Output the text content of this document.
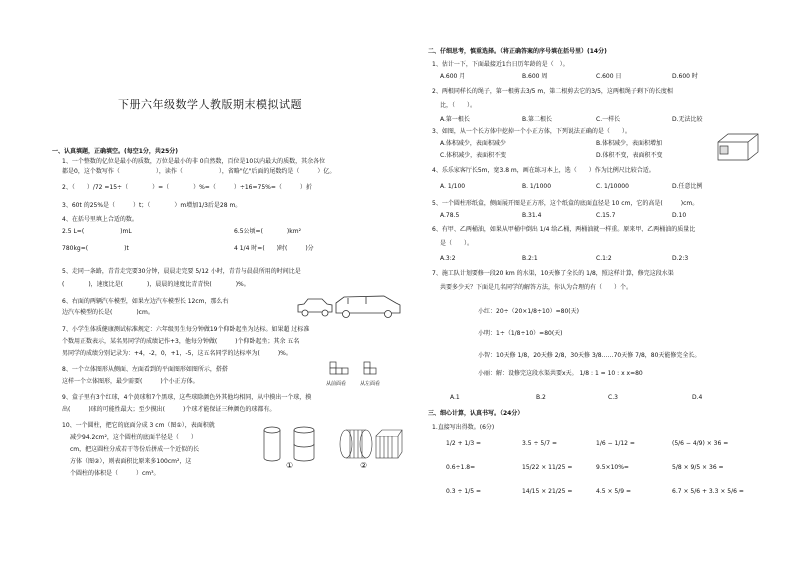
下册六年级数学人教版期末模拟试题
一、认真填题，正确填空。(每空1分，共25分)
1、一个整数的亿位是最小的质数，万位是最小的非 0自然数，百位是10以内最大的质数，其余各位
都是0，这个数写作（　　　　　　），读作（　　　　　　），省略"亿"后面的尾数约是（　　　）亿。
2、（　　）/72 =15÷（　　　　）=（　　　　）%=（　　　）÷16=75%=（　　　）折
3、60t 的25%是（　　　）t；（　　　　）m增加1/3后是28 m。
4、在括号里填上合适的数。
2.5 L=(　　　　　　)mL	6.5公顷=(　　　　)km²
780kg=(　　　　　　)t	4 1/4 时=(　　)时(　　　)分
5、走同一条路，青青走完要30分钟，晨晨走完要 5/12 小时，青青与晨晨所用的时间比是
(　　　　)，速度比是(　　　　)，晨晨的速度比青青快(　　　　)%。
6、右面的两辆汽车模型，如果左边汽车模型长 12cm，那么右
边汽车模型的长是(　　　　)cm。
7、小学生体质健康测试标准规定：六年级男生每分钟做19个仰卧起坐为达标。如果超 过标准
个数用正数表示，某名男同学的成绩记作+3，他每分钟做(　　　)个仰卧起坐；其余 五名
男同学的成绩分别记录为：+4，-2，0，+1，-5，这五名同学的达标率为(　　　)%。
8、一个立体图形从侧面、左面看到的平面图形如图所示，搭搭
这样一个立体图形，最少需要(　　　)个小正方体。	从前面看	从左面看
9、盒子里有3个红球，4个黄球和7个黑球，这些球除颜色外其他均相同，从中摸出一个球，摸
出(　　　)球的可能性最大；至少摸出(　　　)个球才能保证三种颜色的球都有。
10、一个圆柱，把它的底面分成 3 cm（图①），表面积就
减少94.2cm²，这个圆柱的底面半径是（　　）
cm，把这圆柱分成若干等份后拼成一个近似的长
方体（图②），则表面积比原来多100cm²，这
个圆柱的体积是（　　　）cm³。
①	②
二、仔细思考，慎重选择。（将正确答案的序号填在括号里）(14分)
1、估计一下，下面最接近1台日历年龄的是（　）。
A.600 月	B.600 周	C.600 日	D.600 时
2、两根同样长的绳子，第一根剪去3/5 m，第二根剪去它的3/5，这两根绳子剩下的长度相
比，（　　）。
A.第一根长	B.第二根长	C.一样长	D.无法比较
3、如图，从一个长方体中挖掉一个小正方体，下列说法正确的是（　　）。
A.体积减少，表面积减少	B.体积减少，表面积增加
C.体积减少，表面积不变	D.体积不变，表面积不变
4、乐乐家客厅长5m，宽3.8 m，画在练习本上，选（　　）作为比例尺比较合适。
A. 1/100	B. 1/1000	C. 1/10000	D.任意比例
5、一个圆柱形纸盒，侧面展开图是正方形，这个纸盒的底面直径是 10 cm，它的高是(　　　)cm。
A.78.5	B.31.4	C.15.7	D.10
6、有甲、乙两桶油，如果从甲桶中倒出 1/4 给乙桶，两桶油就一样重。原来甲、乙两桶油的质量比
是（　　）。
A.3:2	B.2:1	C.1:2	D.2:3
7、施工队计划要修一段20 km 的水渠，10天修了全长的 1/8，照这样计算，修完这段水渠
共要多少天？下面是几名同学的解答方法，你认为合理的有（　　）个。
小红：20÷（20×1/8÷10）=80(天)
小明：1÷（1/8÷10）=80(天)
小智：10天修 1/8，20天修 2/8，30天修 3/8……70天修 7/8，80天能修完全长。
小丽：解：设修完这段水渠共要x天。 1/8 : 1 = 10 : x x=80
A.1	B.2	C.3	D.4
三、细心计算，认真书写。（24分）
1.直接写出得数。(6分)
1/2 + 1/3 =	3.5 ÷ 5/7 =	1/6 − 1/12 =	(5/6 − 4/9) × 36 =
0.6÷1.8=	15/22 × 11/25 =	9.5×10%=	5/8 × 9/5 × 36 =
0.3 ÷ 1/5 =	14/15 × 21/25 =	4.5 × 5/9 =	6.7 × 5/6 + 3.3 × 5/6 =
